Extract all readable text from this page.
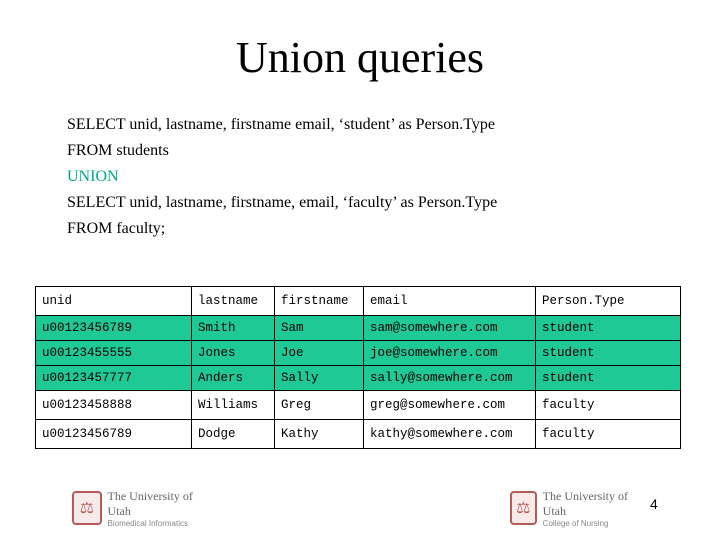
Union queries
SELECT unid, lastname, firstname email, ‘student’ as Person.Type
FROM students
UNION
SELECT unid, lastname, firstname, email, ‘faculty’ as Person.Type
FROM faculty;
unid	lastname	firstname	email	Person.Type
u00123456789	Smith	Sam	sam@somewhere.com	student
u00123455555	Jones	Joe	joe@somewhere.com	student
u00123457777	Anders	Sally	sally@somewhere.com	student
u00123458888	Williams	Greg	greg@somewhere.com	faculty
u00123456789	Dodge	Kathy	kathy@somewhere.com	faculty
⚖
The University of Utah
Biomedical Informatics
⚖
The University of Utah
College of Nursing
4
